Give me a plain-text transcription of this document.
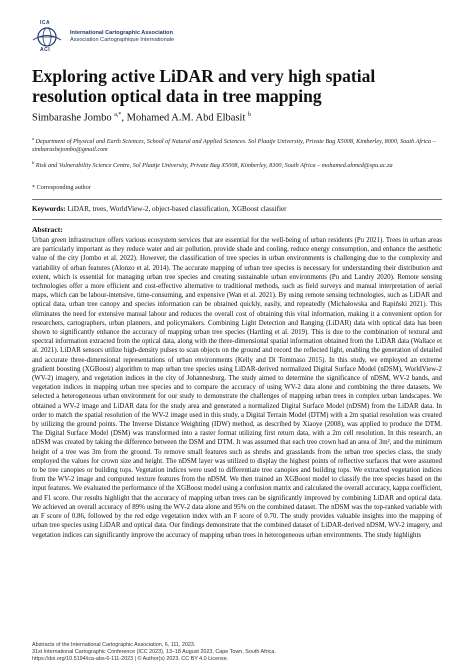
ICA
ACI
International Cartographic Association
Association Cartographique Internationale
Exploring active LiDAR and very high spatial resolution optical data in tree mapping
Simbarashe Jombo $^{a,*}$, Mohamed A.M. Abd Elbasit $^b$
$^a$ Department of Physical and Earth Sciences, School of Natural and Applied Sciences. Sol Plaatje University, Private Bag X5008, Kimberley, 8000, South Africa – simbarashejombo@gmail.com
$^b$ Risk and Vulnerability Science Centre, Sol Plaatje University, Private Bag X5008, Kimberley, 8300, South Africa – mohamed.ahmed@spu.ac.za
* Corresponding author
Keywords: LiDAR, trees, WorldView-2, object-based classification, XGBoost classifier
Abstract:
Urban green infrastructure offers various ecosystem services that are essential for the well-being of urban residents (Pu 2021). Trees in urban areas are particularly important as they reduce water and air pollution, provide shade and cooling, reduce energy consumption, and enhance the aesthetic value of the city (Jombo et al. 2022). However, the classification of tree species in urban environments is challenging due to the complexity and variability of urban features (Alonzo et al. 2014). The accurate mapping of urban tree species is necessary for understanding their distribution and extent, which is essential for managing urban tree species and creating sustainable urban environments (Pu and Landry 2020). Remote sensing technologies offer a more efficient and cost-effective alternative to traditional methods, such as field surveys and manual interpretation of aerial maps, which can be labour-intensive, time-consuming, and expensive (Wan et al. 2021). By using remote sensing technologies, such as LiDAR and optical data, urban tree canopy and species information can be obtained quickly, easily, and repeatedly (Michałowska and Rapiński 2021). This eliminates the need for extensive manual labour and reduces the overall cost of obtaining this vital information, making it a convenient option for researchers, cartographers, urban planners, and policymakers. Combining Light Detection and Ranging (LiDAR) data with optical data has been shown to significantly enhance the accuracy of mapping urban tree species (Hartling et al. 2019). This is due to the combination of textural and spectral information extracted from the optical data, along with the three-dimensional spatial information obtained from the LiDAR data (Wallace et al. 2021). LiDAR sensors utilize high-density pulses to scan objects on the ground and record the reflected light, enabling the generation of detailed and accurate three-dimensional representations of urban environments (Kelly and Di Tommaso 2015). In this study, we employed an extreme gradient boosting (XGBoost) algorithm to map urban tree species using LiDAR-derived normalized Digital Surface Model (nDSM), WorldView-2 (WV-2) imagery, and vegetation indices in the city of Johannesburg. The study aimed to determine the significance of nDSM, WV-2 bands, and vegetation indices in mapping urban tree species and to compare the accuracy of using WV-2 data alone and combining the three datasets. We selected a heterogeneous urban environment for our study to demonstrate the challenges of mapping urban trees in complex urban landscapes. We obtained a WV-2 image and LiDAR data for the study area and generated a normalized Digital Surface Model (nDSM) from the LiDAR data. In order to match the spatial resolution of the WV-2 image used in this study, a Digital Terrain Model (DTM) with a 2m spatial resolution was created by utilizing the ground points. The Inverse Distance Weighting (IDW) method, as described by Xiaoye (2008), was applied to produce the DTM. The Digital Surface Model (DSM) was transformed into a raster format utilizing first return data, with a 2m cell resolution. In this research, an nDSM was created by taking the difference between the DSM and DTM. It was assumed that each tree crown had an area of 3m², and the minimum height of a tree was 3m from the ground. To remove small features such as shrubs and grasslands from the urban tree species class, the study employed the values for crown size and height. The nDSM layer was utilized to display the highest points of reflective surfaces that were assumed to be tree canopies or building tops. Vegetation indices were used to differentiate tree canopies and building tops. We extracted vegetation indices from the WV-2 image and computed texture features from the nDSM. We then trained an XGBoost model to classify the tree species based on the input features. We evaluated the performance of the XGBoost model using a confusion matrix and calculated the overall accuracy, kappa coefficient, and F1 score. Our results highlight that the accuracy of mapping urban trees can be significantly improved by combining LiDAR and optical data. We achieved an overall accuracy of 89% using the WV-2 data alone and 95% on the combined dataset. The nDSM was the top-ranked variable with an F score of 0.86, followed by the red edge vegetation index with an F score of 0.70. The study provides valuable insights into the mapping of urban tree species using LiDAR and optical data. Our findings demonstrate that the combined dataset of LiDAR-derived nDSM, WV-2 imagery, and vegetation indices can significantly improve the accuracy of mapping urban trees in heterogeneous urban environments. The study highlights
Abstracts of the International Cartographic Association, 6, 111, 2023.
31st International Cartographic Conference (ICC 2023), 13–18 August 2023, Cape Town, South Africa.
https://doi.org/10.5194/ica-abs-6-111-2023 | © Author(s) 2023. CC BY 4.0 License.
